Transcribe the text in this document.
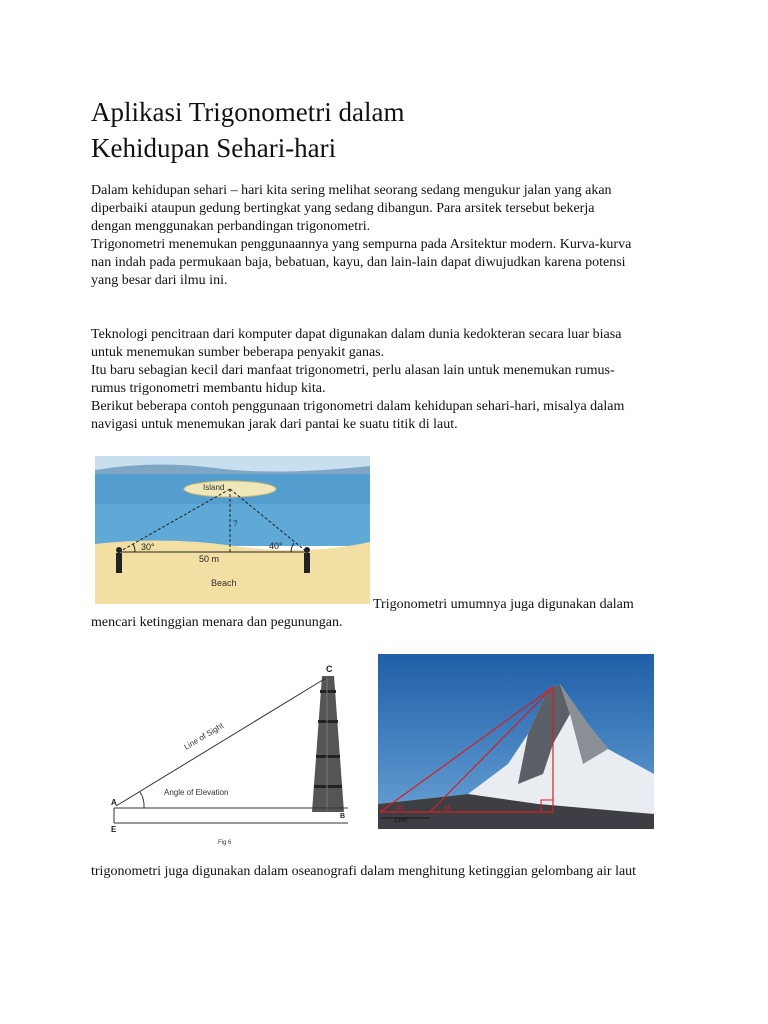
Aplikasi Trigonometri dalam
Kehidupan Sehari-hari

Dalam kehidupan sehari – hari kita sering melihat seorang sedang mengukur jalan yang akan

diperbaiki ataupun gedung bertingkat yang sedang dibangun. Para arsitek tersebut bekerja

dengan menggunakan perbandingan trigonometri.

Trigonometri menemukan penggunaannya yang sempurna pada Arsitektur modern. Kurva-kurva

nan indah pada permukaan baja, bebatuan, kayu, dan lain-lain dapat diwujudkan karena potensi

yang besar dari ilmu ini.

Teknologi pencitraan dari komputer dapat digunakan dalam dunia kedokteran secara luar biasa

untuk menemukan sumber beberapa penyakit ganas.

Itu baru sebagian kecil dari manfaat trigonometri, perlu alasan lain untuk menemukan rumus-

rumus trigonometri membantu hidup kita.

Berikut beberapa contoh penggunaan trigonometri dalam kehidupan sehari-hari, misalya dalam

navigasi untuk menemukan jarak dari pantai ke suatu titik di laut.

Island
?
30°	40°
50 m
Beach
Trigonometri umumnya juga digunakan dalam
mencari ketinggian menara dan pegunungan.
C
A
E
B
Line of Sight
Angle of Elevation
Fig 6
30	35
1300
trigonometri juga digunakan dalam oseanografi dalam menghitung ketinggian gelombang air laut
